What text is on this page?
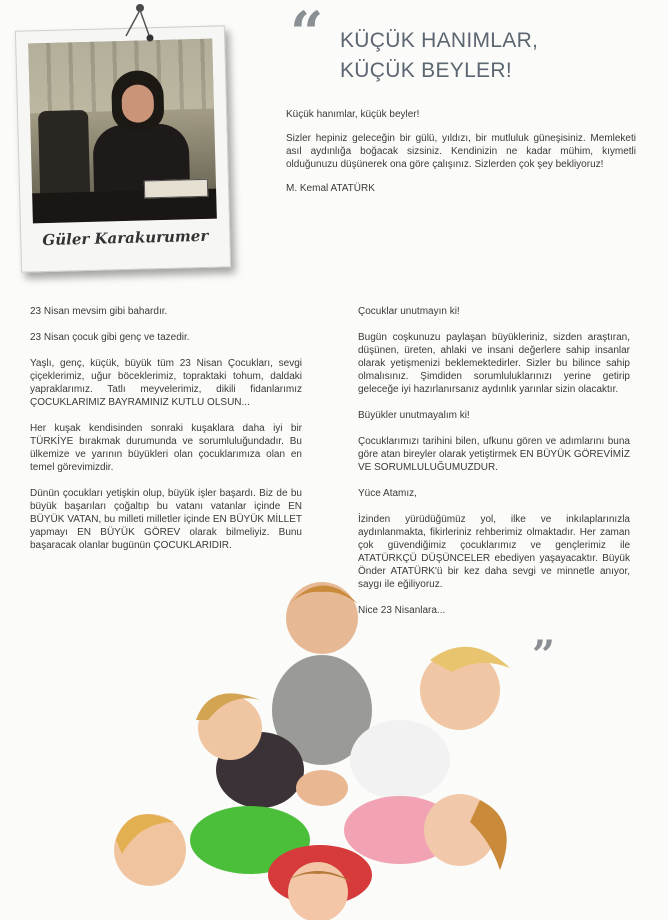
Güler Karakurumer
“
”
KÜÇÜK HANIMLAR,
KÜÇÜK BEYLER!

Küçük hanımlar, küçük beyler!

Sizler hepiniz geleceğin bir gülü, yıldızı, bir mutluluk güneşisiniz. Memleketi asıl aydınlığa boğacak sizsiniz. Kendinizin ne kadar mühim, kıymetli olduğunuzu düşünerek ona göre çalışınız. Sizlerden çok şey bekliyoruz!

M. Kemal ATATÜRK

23 Nisan mevsim gibi bahardır.

23 Nisan çocuk gibi genç ve tazedir.

Yaşlı, genç, küçük, büyük tüm 23 Nisan Çocukları, sevgi çiçeklerimiz, uğur böceklerimiz, topraktaki tohum, daldaki yapraklarımız. Tatlı meyvelerimiz, dikili fidanlarımız ÇOCUKLARIMIZ BAYRAMINIZ KUTLU OLSUN...

Her kuşak kendisinden sonraki kuşaklara daha iyi bir TÜRKİYE bırakmak durumunda ve sorumluluğundadır. Bu ülkemize ve yarının büyükleri olan çocuklarımıza olan en temel görevimizdir.

Dünün çocukları yetişkin olup, büyük işler başardı. Biz de bu büyük başarıları çoğaltıp bu vatanı vatanlar içinde EN BÜYÜK VATAN, bu milleti milletler içinde EN BÜYÜK MİLLET yapmayı EN BÜYÜK GÖREV olarak bilmeliyiz. Bunu başaracak olanlar bugünün ÇOCUKLARIDIR.

Çocuklar unutmayın ki!

Bugün coşkunuzu paylaşan büyükleriniz, sizden araştıran, düşünen, üreten, ahlaki ve insani değerlere sahip insanlar olarak yetişmenizi beklemektedirler. Sizler bu bilince sahip olmalısınız. Şimdiden sorumluluklarınızı yerine getirip geleceğe iyi hazırlanırsanız aydınlık yarınlar sizin olacaktır.

Büyükler unutmayalım ki!

Çocuklarımızı tarihini bilen, ufkunu gören ve adımlarını buna göre atan bireyler olarak yetiştirmek EN BÜYÜK GÖREVİMİZ VE SORUMLULUĞUMUZDUR.

Yüce Atamız,

İzinden yürüdüğümüz yol, ilke ve inkılaplarınızla aydınlanmakta, fikirleriniz rehberimiz olmaktadır. Her zaman çok güvendiğimiz çocuklarımız ve gençlerimiz ile ATATÜRKÇÜ DÜŞÜNCELER ebediyen yaşayacaktır. Büyük Önder ATATÜRK'ü bir kez daha sevgi ve minnetle anıyor, saygı ile eğiliyoruz.

Nice 23 Nisanlara...
